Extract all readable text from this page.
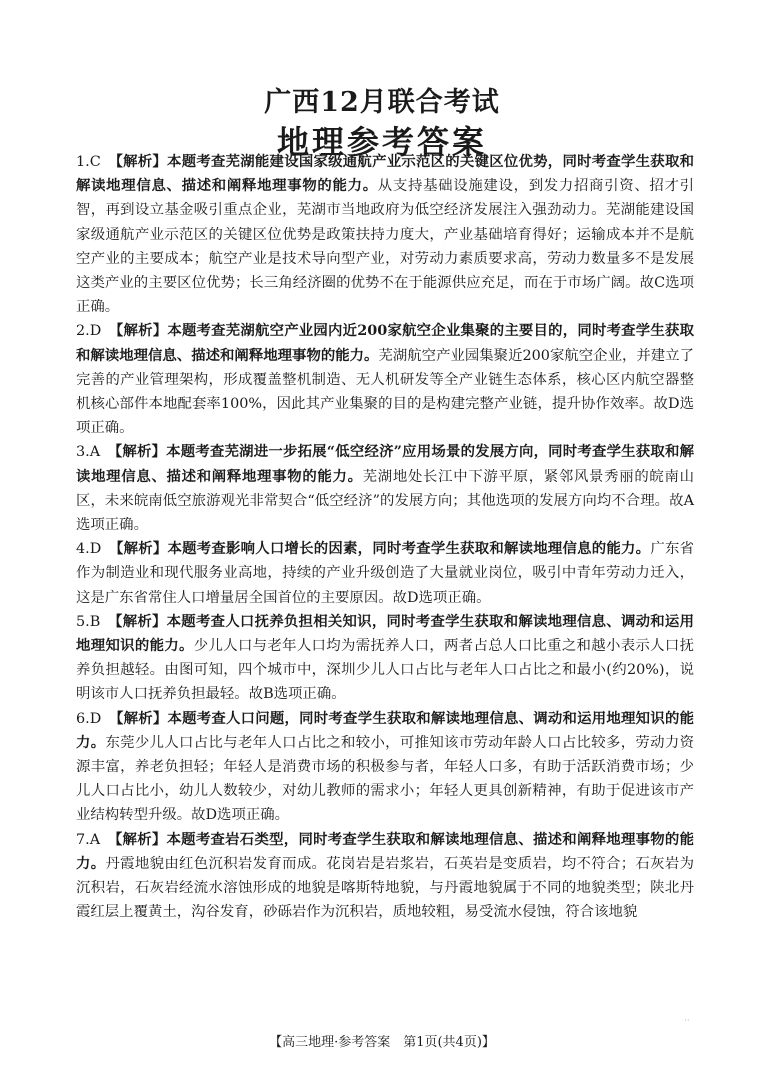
广西12月联合考试
地理参考答案

1.C　 【解析】本题考查芜湖能建设国家级通航产业示范区的关键区位优势，同时考查学生获取和解读地理信息、描述和阐释地理事物的能力。从支持基础设施建设，到发力招商引资、招才引智，再到设立基金吸引重点企业，芜湖市当地政府为低空经济发展注入强劲动力。芜湖能建设国家级通航产业示范区的关键区位优势是政策扶持力度大，产业基础培育得好；运输成本并不是航空产业的主要成本；航空产业是技术导向型产业，对劳动力素质要求高，劳动力数量多不是发展这类产业的主要区位优势；长三角经济圈的优势不在于能源供应充足，而在于市场广阔。故C选项正确。

2.D　 【解析】本题考查芜湖航空产业园内近200家航空企业集聚的主要目的，同时考查学生获取和解读地理信息、描述和阐释地理事物的能力。芜湖航空产业园集聚近200家航空企业，并建立了完善的产业管理架构，形成覆盖整机制造、无人机研发等全产业链生态体系，核心区内航空器整机核心部件本地配套率100%，因此其产业集聚的目的是构建完整产业链，提升协作效率。故D选项正确。

3.A　 【解析】本题考查芜湖进一步拓展“低空经济”应用场景的发展方向，同时考查学生获取和解读地理信息、描述和阐释地理事物的能力。芜湖地处长江中下游平原，紧邻风景秀丽的皖南山区，未来皖南低空旅游观光非常契合“低空经济”的发展方向；其他选项的发展方向均不合理。故A选项正确。

4.D　 【解析】本题考查影响人口增长的因素，同时考查学生获取和解读地理信息的能力。广东省作为制造业和现代服务业高地，持续的产业升级创造了大量就业岗位，吸引中青年劳动力迁入，这是广东省常住人口增量居全国首位的主要原因。故D选项正确。

5.B　 【解析】本题考查人口抚养负担相关知识，同时考查学生获取和解读地理信息、调动和运用地理知识的能力。少儿人口与老年人口均为需抚养人口，两者占总人口比重之和越小表示人口抚养负担越轻。由图可知，四个城市中，深圳少儿人口占比与老年人口占比之和最小(约20%)，说明该市人口抚养负担最轻。故B选项正确。

6.D　 【解析】本题考查人口问题，同时考查学生获取和解读地理信息、调动和运用地理知识的能力。东莞少儿人口占比与老年人口占比之和较小，可推知该市劳动年龄人口占比较多，劳动力资源丰富，养老负担轻；年轻人是消费市场的积极参与者，年轻人口多，有助于活跃消费市场；少儿人口占比小，幼儿人数较少，对幼儿教师的需求小；年轻人更具创新精神，有助于促进该市产业结构转型升级。故D选项正确。

7.A　 【解析】本题考查岩石类型，同时考查学生获取和解读地理信息、描述和阐释地理事物的能力。丹霞地貌由红色沉积岩发育而成。花岗岩是岩浆岩，石英岩是变质岩，均不符合；石灰岩为沉积岩，石灰岩经流水溶蚀形成的地貌是喀斯特地貌，与丹霞地貌属于不同的地貌类型；陕北丹霞红层上覆黄土，沟谷发育，砂砾岩作为沉积岩，质地较粗，易受流水侵蚀，符合该地貌

··
【高三地理·参考答案　第1页(共4页)】
